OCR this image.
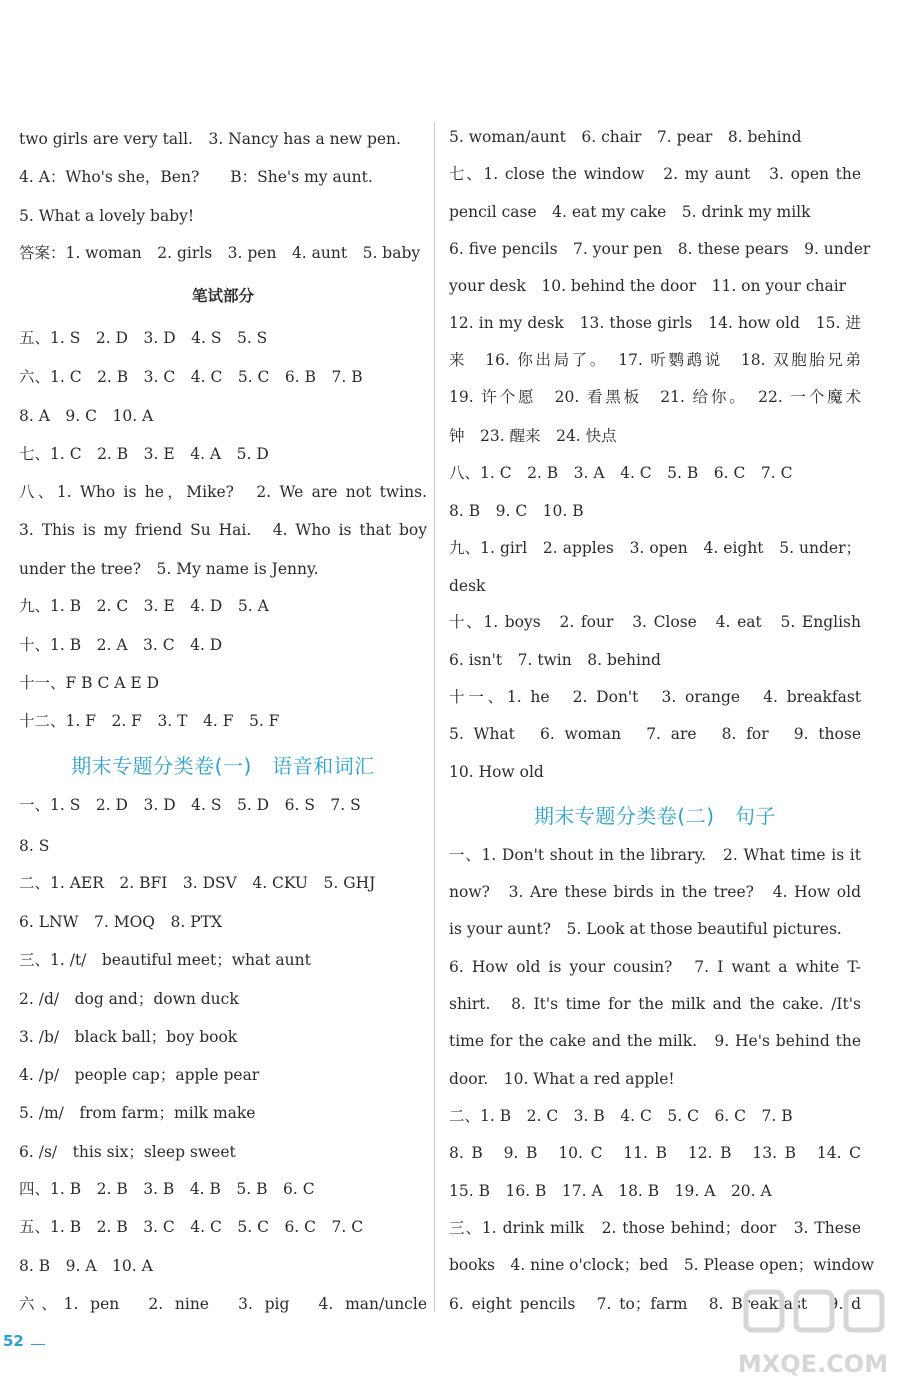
two girls are very tall.　3. Nancy has a new pen.
4. A：Who's she，Ben?　　B：She's my aunt.
5. What a lovely baby!
答案：1. woman　2. girls　3. pen　4. aunt　5. baby
笔试部分
五、1. S　2. D　3. D　4. S　5. S
六、1. C　2. B　3. C　4. C　5. C　6. B　7. B
8. A　9. C　10. A
七、1. C　2. B　3. E　4. A　5. D
八、1. Who is he，Mike?　2. We are not twins.
3. This is my friend Su Hai.　4. Who is that boy
under the tree?　5. My name is Jenny.
九、1. B　2. C　3. E　4. D　5. A
十、1. B　2. A　3. C　4. D
十一、F B C A E D
十二、1. F　2. F　3. T　4. F　5. F
期末专题分类卷(一)　语音和词汇
一、1. S　2. D　3. D　4. S　5. D　6. S　7. S
8. S
二、1. AER　2. BFI　3. DSV　4. CKU　5. GHJ
6. LNW　7. MOQ　8. PTX
三、1. /t/　beautiful meet；what aunt
2. /d/　dog and；down duck
3. /b/　black ball；boy book
4. /p/　people cap；apple pear
5. /m/　from farm；milk make
6. /s/　this six；sleep sweet
四、1. B　2. B　3. B　4. B　5. B　6. C
五、1. B　2. B　3. C　4. C　5. C　6. C　7. C
8. B　9. A　10. A
六、1. pen　2. nine　3. pig　4. man/uncle
5. woman/aunt　6. chair　7. pear　8. behind
七、1. close the window　2. my aunt　3. open the
pencil case　4. eat my cake　5. drink my milk
6. five pencils　7. your pen　8. these pears　9. under
your desk　10. behind the door　11. on your chair
12. in my desk　13. those girls　14. how old　15. 进
来　16. 你出局了。　17. 听鹦鹉说　18. 双胞胎兄弟
19. 许个愿　20. 看黑板　21. 给你。　22. 一个魔术
钟　23. 醒来　24. 快点
八、1. C　2. B　3. A　4. C　5. B　6. C　7. C
8. B　9. C　10. B
九、1. girl　2. apples　3. open　4. eight　5. under；
desk
十、1. boys　2. four　3. Close　4. eat　5. English
6. isn't　7. twin　8. behind
十一、1. he　2. Don't　3. orange　4. breakfast
5. What　6. woman　7. are　8. for　9. those
10. How old
期末专题分类卷(二)　句子
一、1. Don't shout in the library.　2. What time is it
now?　3. Are these birds in the tree?　4. How old
is your aunt?　5. Look at those beautiful pictures.
6. How old is your cousin?　7. I want a white T-
shirt.　8. It's time for the milk and the cake. /It's
time for the cake and the milk.　9. He's behind the
door.　10. What a red apple!
二、1. B　2. C　3. B　4. C　5. C　6. C　7. B
8. B　9. B　10. C　11. B　12. B　13. B　14. C
15. B　16. B　17. A　18. B　19. A　20. A
三、1. drink milk　2. those behind；door　3. These
books　4. nine o'clock；bed　5. Please open；window
6. eight pencils　7. to；farm　8. Breakfast　9. d
52
MXQE.COM
